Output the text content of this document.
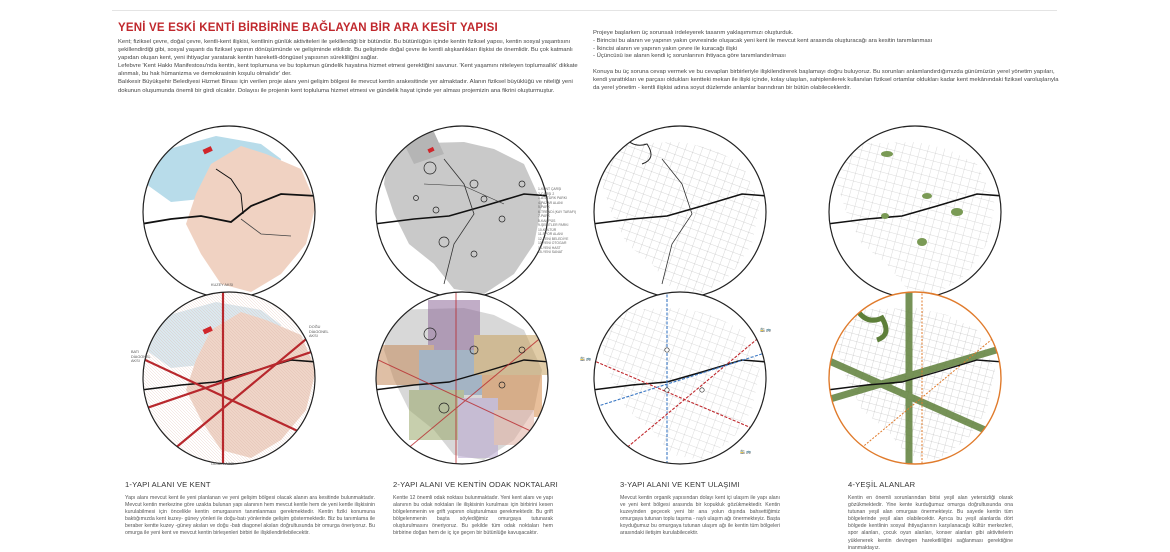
YENİ VE ESKİ KENTİ BİRBİRİNE BAĞLAYAN BİR ARA KESİT YAPISI

Kent; fiziksel çevre, doğal çevre, kentli-kent ilişkisi, kentlinin günlük aktiviteleri ile şekillendiği bir bütündür. Bu bütünlüğün içinde kentin fiziksel yapısı, kentin sosyal yaşantısını şekillendirdiği gibi, sosyal yaşantı da fiziksel yapının dönüşümünde ve gelişiminde etkilidir. Bu gelişimde doğal çevre ile kentli alışkanlıkları ilişkisi de önemlidir. Bu çok katmanlı yapıdan oluşan kent, yeni ihtiyaçlar yaratarak kentin hareketli-döngüsel yapısının sürekliliğini sağlar.

Lefebvre 'Kent Hakkı Manifestosu'nda kentin, kent toplumuna ve bu toplumun gündelik hayatına hizmet etmesi gerektiğini savunur. 'Kent yaşamını niteleyen toplumsallık' dikkate alınmalı, bu hak hümanizma ve demokrasinin koşulu olmalıdır' der.

Balıkesir Büyükşehir Belediyesi Hizmet Binası için verilen proje alanı yeni gelişim bölgesi ile mevcut kentin arakesitinde yer almaktadır. Alanın fiziksel büyüklüğü ve niteliği yeni dokunun oluşumunda önemli bir girdi olcaktır. Dolayısı ile projenin kent topluluma hizmet etmesi ve gündelik hayat içinde yer alması projemizin ana fikrini oluşturmuştur.

Projeye başlarken üç sorunsalı irdeleyerek tasarım yaklaşımımızı oluşturduk.

- Birincisi bu alanın ve yapının yakın çevresinde oluşacak yeni kent ile mevcut kent arasında oluşturacağı ara kesitin tanımlanması

- İkincisi alanın ve yapının yakın çevre ile kuracağı ilişki

- Üçüncüsü ise alanın kendi iç sorunlarının ihtiyaca göre tanımlandırılması

Konuya bu üç soruna cevap vermek ve bu cevapları birbirleriyle ilişkilendirerek başlamayı doğru buluyoruz. Bu sorunları anlamlandırdığımızda günümüzün yerel yönetim yapıları, kendi yarattıkları ve parçası oldukları kentteki mekan ile ilişki içinde, kolay ulaşılan, sahiplenilerek kullanılan fiziksel ortamlar oldukları kadar kent mekânındaki fiziksel varoluşlarıyla da yerel yönetim - kentli ilişkisi adına soyut düzlemde anlamlar barındıran bir bütün olabileceklerdir.

1-KENT ÇARŞI
2-ÇARŞI 2
3-ATATÜRK PARKI
4-PAZAR ALANI
5-PARK
6-TRENDİ (KAY TARAFI)
7-PARK
8-KAMPÜS
9-ŞEHİTLER PARKI
10-KÜLTÜR
11-SPOR ALANI
12-YENİ BELEDİYE
13-YENİ OTOGAR
14-YENİ HAST
15-YENİ SANAT
KUZEY AKSI
GÜNEY AKSI
DOĞU DİAGONEL AKSI
BATI DİAGONEL AKSI
🚉 🚌
🚉 🚌
🚉 🚌
1-YAPI ALANI VE KENT
Yapı alanı mevcut kent ile yeni planlanan ve yeni gelişim bölgesi olacak alanın ara kesitinde bulunmaktadır. Mevcut kentin merkezine göre uzakta bulunan yapı alanının hem mevcut kentle hem de yeni kentle ilişkisinin kurulabilmesi için öncelikle kentin omurgasının tanımlanması gerekmektedir. Kentin fiziki konumuna baktığımızda kent kuzey- güney yönleri ile doğu-batı yönlerinde gelişim göstermektedir. Biz bu tanımlama ile beraber kentte kuzey -güney aksları ve doğu -batı diagonel aksları doğrultusunda bir omurga öneriyoruz. Bu omurga ile yeni kent ve mevcut kentin birleşenleri birbiri ile ilişkilendirilebilecektir.
2-YAPI ALANI VE KENTİN ODAK NOKTALARI
Kentte 12 önemli odak noktası bulunmaktadır. Yeni kent alanı ve yapı alanının bu odak noktaları ile ilişkisinin kurulması için birbirini kesen bölgelenmenin ve grift yapının oluşturulması gerekmektedir. Bu grift bölgelenmenin başta söylediğimiz omurgaya tutunarak oluşturulmasını öneriyoruz. Bu şekilde tüm odak noktaları hem birbirine doğan hem de iç içe geçen bir bütünlüğe kavuşacaktır.
3-YAPI ALANI VE KENT ULAŞIMI
Mevcut kentin organik yapısından dolayı kent içi ulaşım ile yapı alanı ve yeni kent bölgesi arasında bir kopukluk gözükmektedir. Kentin kuzeyinden geçecek yeni bir ana yolun dışında bahsettiğimiz omurgaya tutunan toplu taşıma - raylı ulaşım ağı önermekteyiz. Başta koyduğumuz bu omurgaya tutunan ulaşım ağı ile kentin tüm bölgeleri arasındaki iletişim kurulabilecektir.
4-YEŞİL ALANLAR
Kentin en önemli sorunlarından birisi yeşil alan yetersizliği olarak gözükmektedir. Yine kente kurduğumuz omurga doğrultusunda ona tutunan yeşil alan omurgası önermekteyiz. Bu sayede kentin tüm bölgelerinde yeşil alan olabilecektir. Ayrıca bu yeşil alanlarda dört bölgede kentlinin sosyal ihtiyaçlarının karşılanacağı kültür merkezleri, spor alanları, çocuk oyun alanları, konser alanları gibi aktivitelerin yüklenerek kentin devingen hareketliliğini sağlanması gerektiğine inanmaktayız.
